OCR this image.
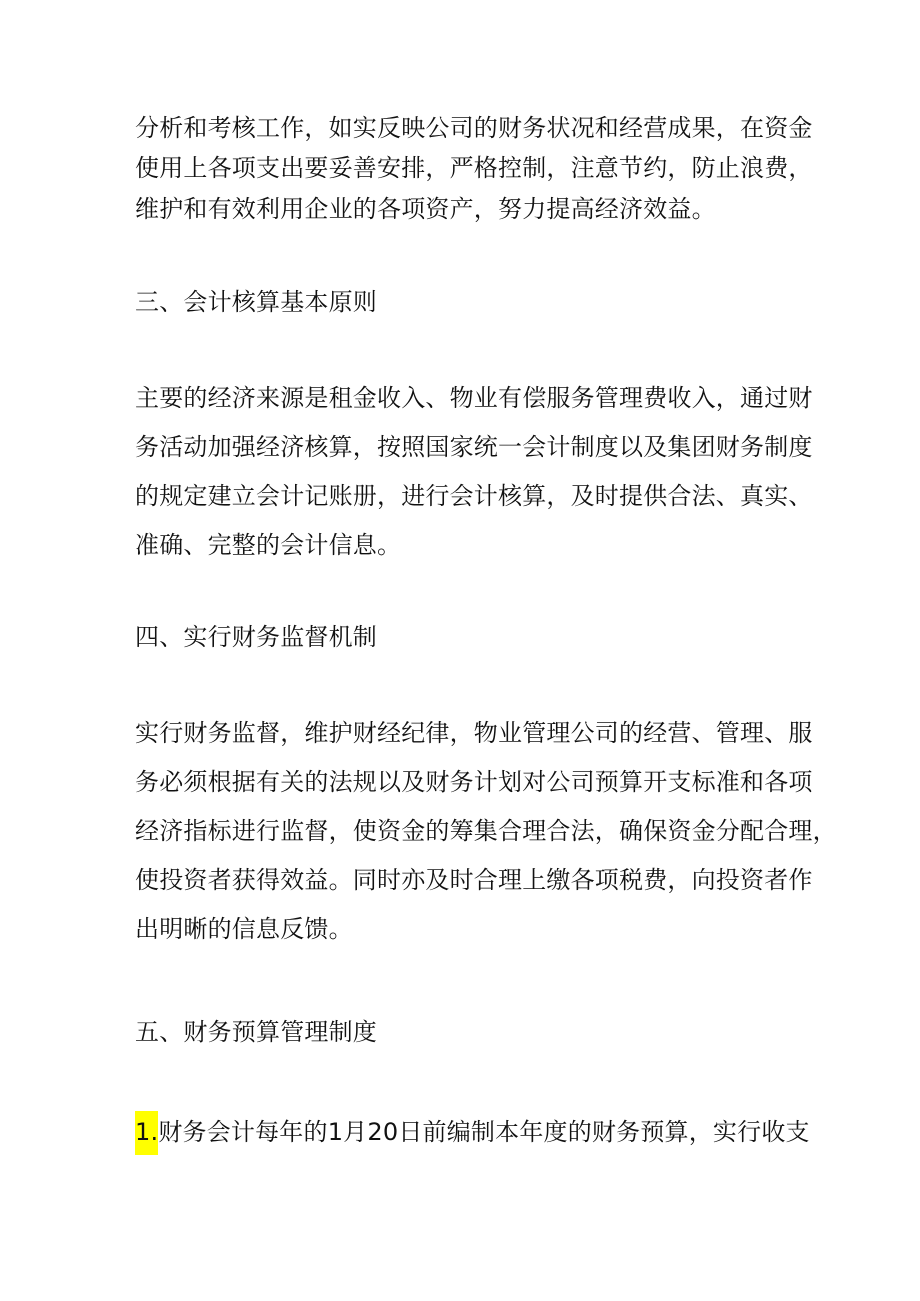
分析和考核工作，如实反映公司的财务状况和经营成果，在资金

使用上各项支出要妥善安排，严格控制，注意节约，防止浪费，

维护和有效利用企业的各项资产，努力提高经济效益。

三、会计核算基本原则

主要的经济来源是租金收入、物业有偿服务管理费收入，通过财

务活动加强经济核算，按照国家统一会计制度以及集团财务制度

的规定建立会计记账册，进行会计核算，及时提供合法、真实、

准确、完整的会计信息。

四、实行财务监督机制

实行财务监督，维护财经纪律，物业管理公司的经营、管理、服

务必须根据有关的法规以及财务计划对公司预算开支标准和各项

经济指标进行监督，使资金的筹集合理合法，确保资金分配合理，

使投资者获得效益。同时亦及时合理上缴各项税费，向投资者作

出明晰的信息反馈。

五、财务预算管理制度

1.财务会计每年的1月20日前编制本年度的财务预算，实行收支
